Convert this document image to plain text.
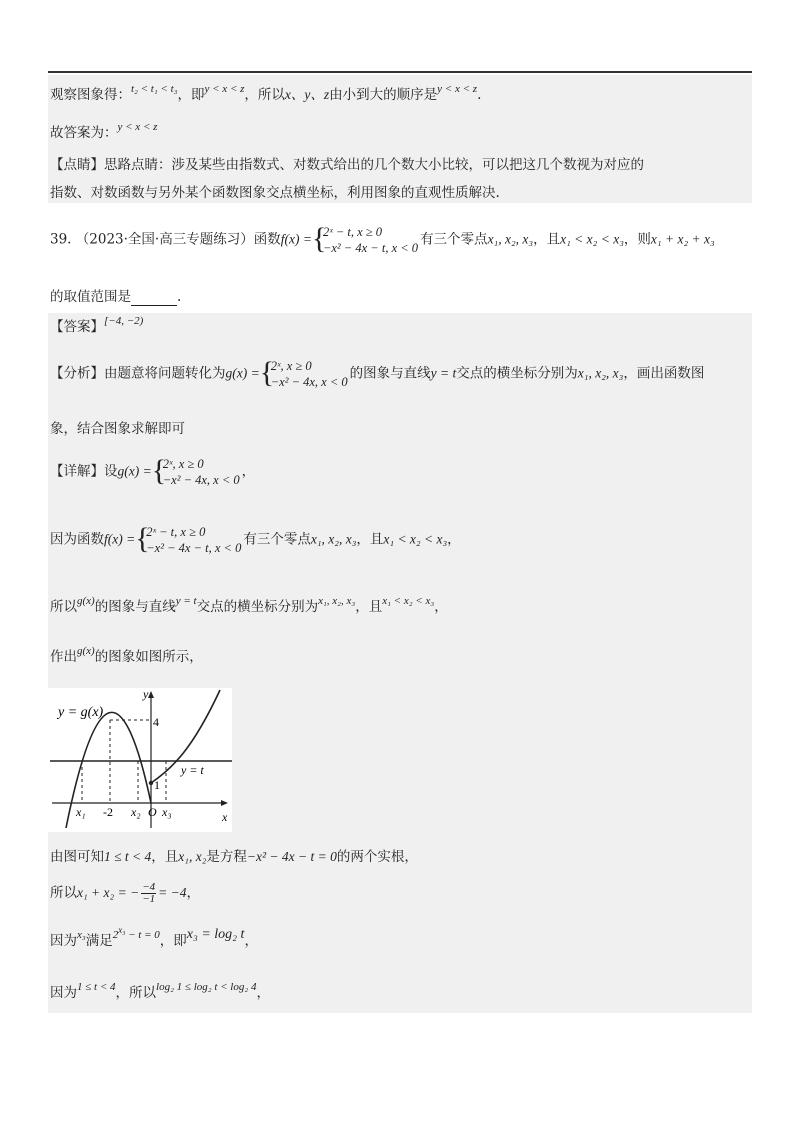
观察图象得：$^{t_2 < t_1 < t_3}$，即$^{y < x < z}$，所以x、y、z由小到大的顺序是$^{y < x < z}$.
故答案为：$^{y < x < z}$
【点睛】思路点睛：涉及某些由指数式、对数式给出的几个数大小比较，可以把这几个数视为对应的
指数、对数函数与另外某个函数图象交点横坐标，利用图象的直观性质解决.
39. （2023·全国·高三专题练习）函数f(x) = { 2ˣ − t, x ≥ 0
−x² − 4x − t, x < 0
有三个零点x₁, x₂, x₃，且x₁ < x₂ < x₃，则x₁ + x₂ + x₃
的取值范围是	.
【答案】$^{[-4, -2)}$
【分析】由题意将问题转化为g(x) = { 2ˣ, x ≥ 0
−x² − 4x, x < 0
的图象与直线y = t交点的横坐标分别为x₁, x₂, x₃，画出函数图
象，结合图象求解即可
【详解】设g(x) = { 2ˣ, x ≥ 0
−x² − 4x, x < 0
，
因为函数f(x) = { 2ˣ − t, x ≥ 0
−x² − 4x − t, x < 0
有三个零点x₁, x₂, x₃，且x₁ < x₂ < x₃，
所以$^{g(x)}$的图象与直线$^{y = t}$交点的横坐标分别为$^{x_1, x_2, x_3}$，且$^{x_1 < x_2 < x_3}$，
作出$^{g(x)}$的图象如图所示，
y = g(x)
y = t
y
x
4
1
O
x₁ -2 x₂ x₃
由图可知1 ≤ t < 4，且x₁, x₂是方程−x² − 4x − t = 0的两个实根，
所以x₁ + x₂ = − $\frac{-4}{-1} = -4$，
因为$^{x_3}$满足$^{2^{x_3} - t = 0}$，即x₃ = log₂ t，
因为$^{1 \le t < 4}$，所以$^{log_2 1 \le log_2 t < log_2 4}$，
